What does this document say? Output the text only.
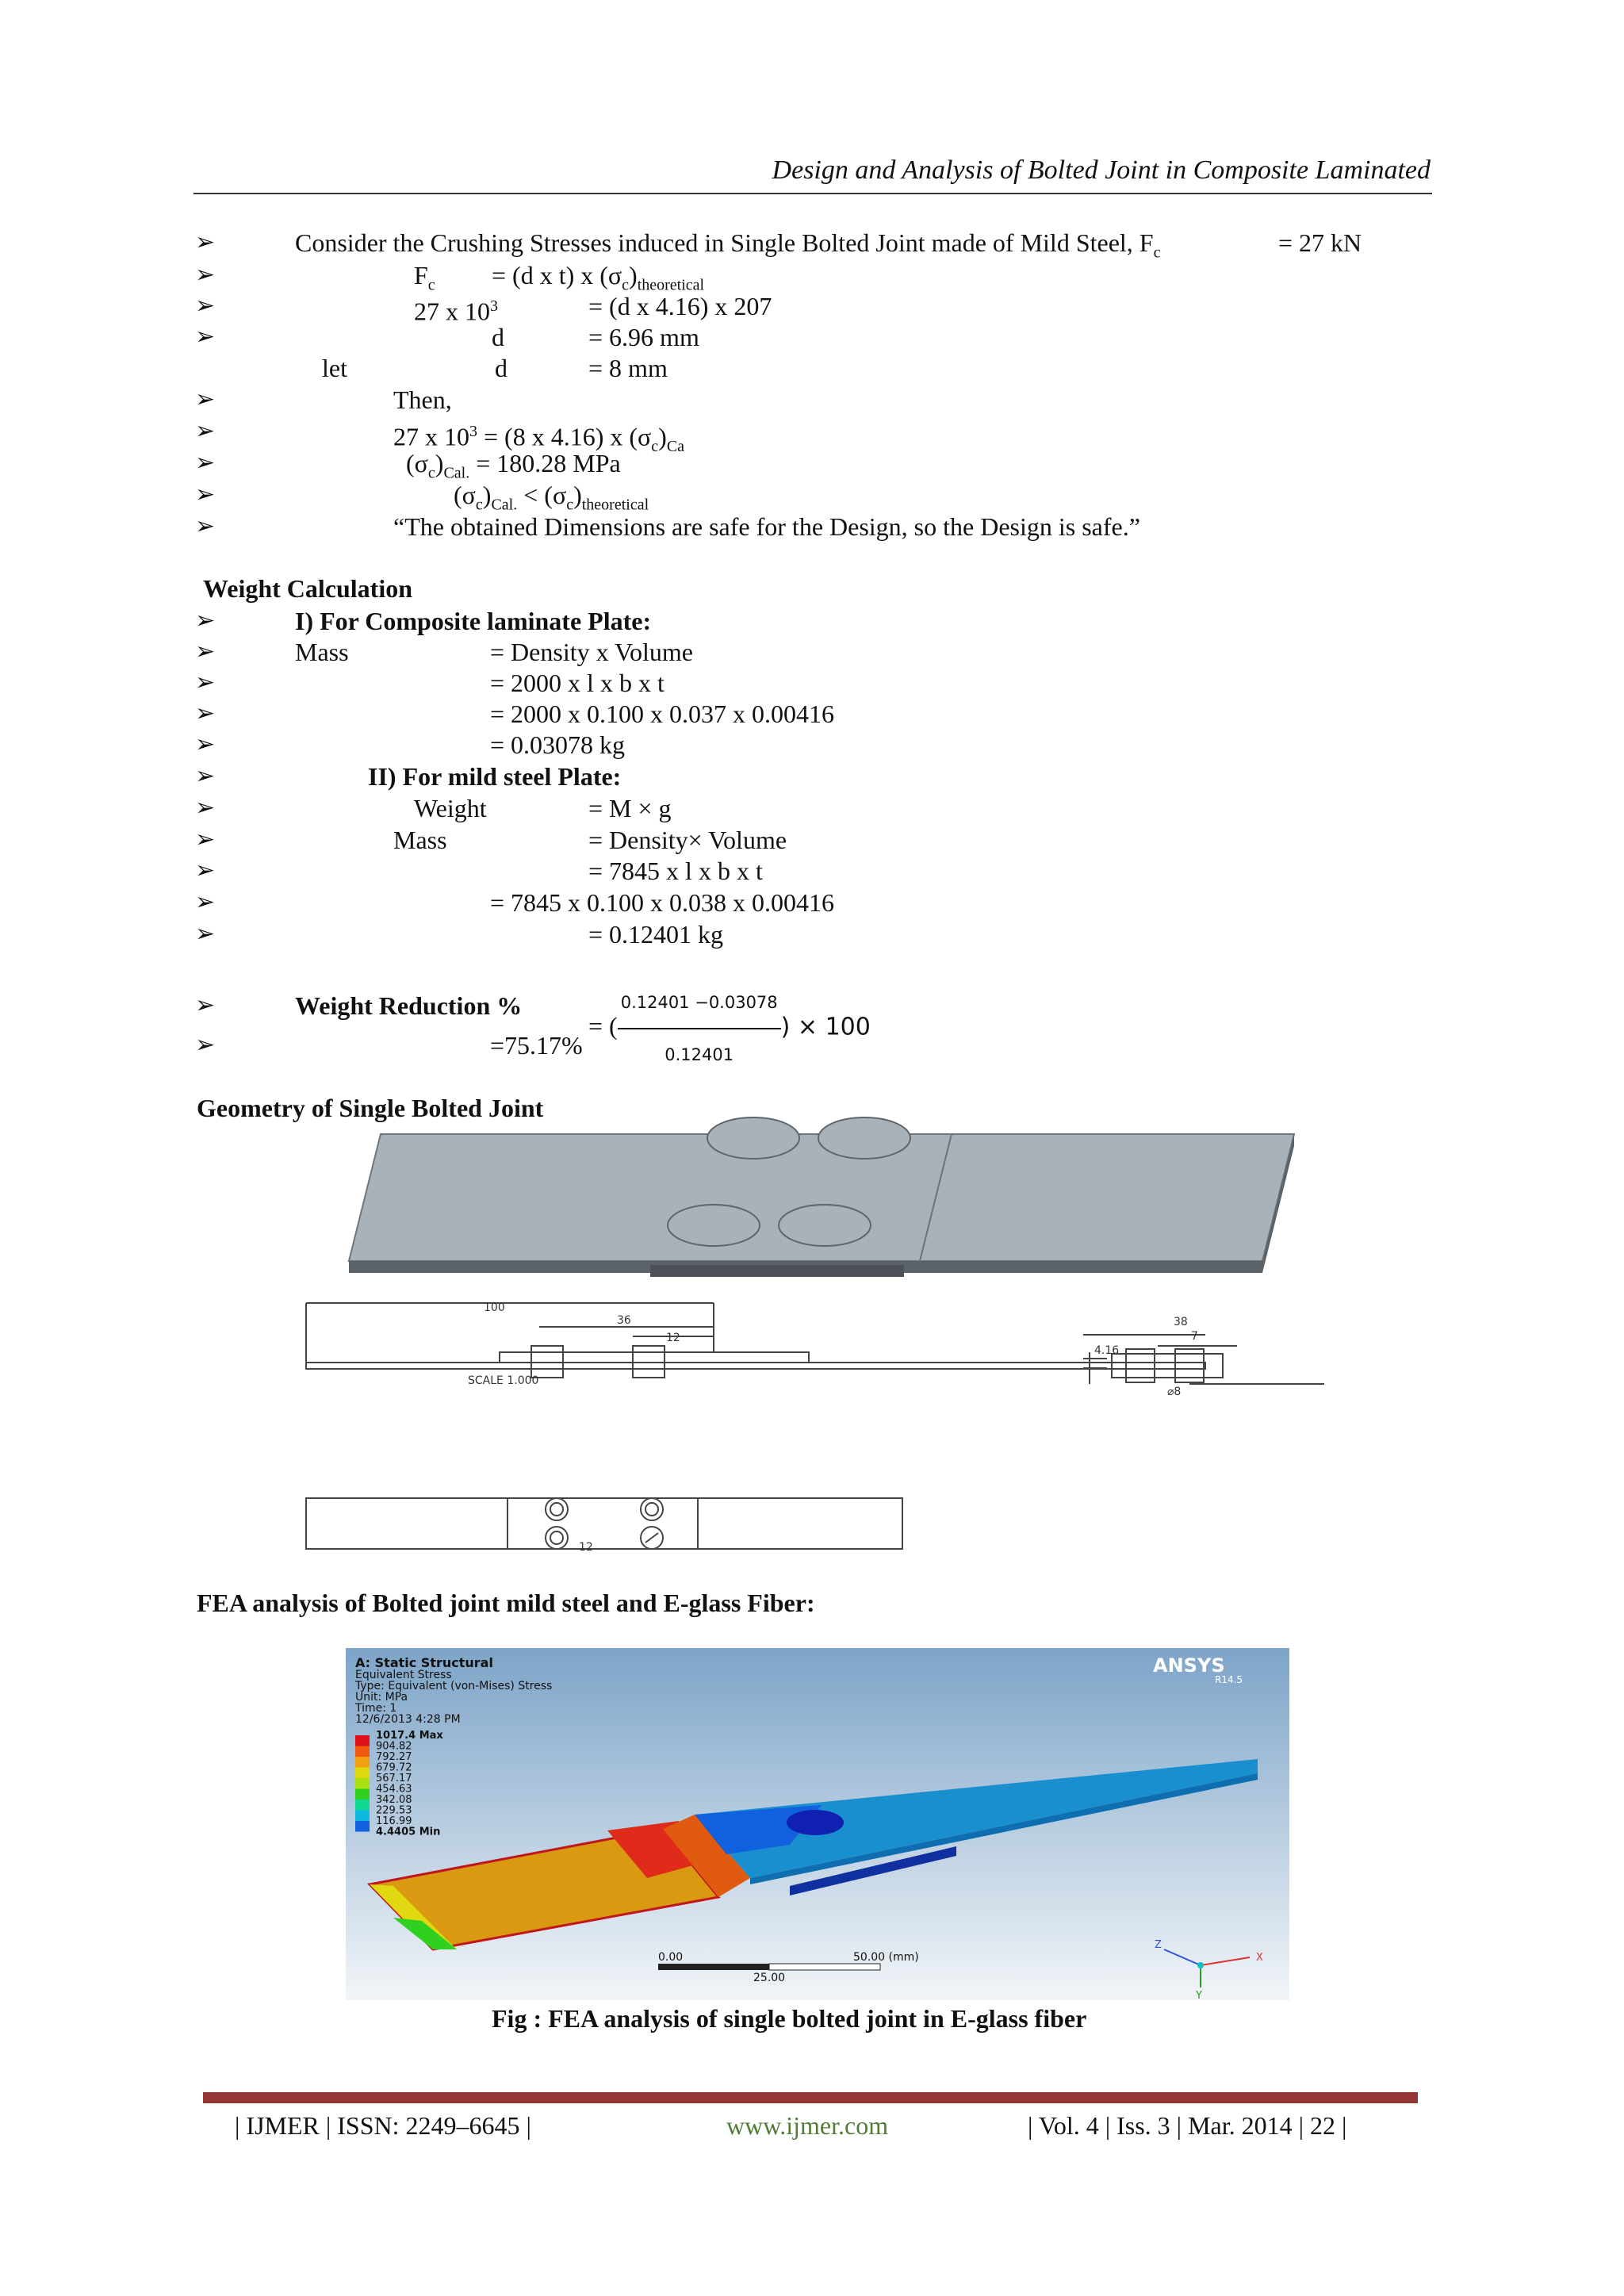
Design and Analysis of Bolted Joint in Composite Laminated
➢	Consider the Crushing Stresses induced in Single Bolted Joint made of Mild Steel, $F_c$	= 27 kN
➢	$F_c = (d$ x t) x $(\sigma_c)_{theoretical}$
➢	27 x $10^3$	= (d x 4.16) x 207
➢	d	= 6.96 mm
let	d	= 8 mm
➢	Then,
➢	27 x $10^3 = (8$ x 4.16) x $(\sigma_c)_{Ca}$
➢	$(\sigma_c)_{Cal.} = 180.28$ MPa
➢	$(\sigma_c)_{Cal.} < (\sigma_c)_{theoretical}$
➢	“The obtained Dimensions are safe for the Design, so the Design is safe.”
Weight Calculation
➢	I) For Composite laminate Plate:
➢	Mass	= Density x Volume
➢	= 2000 x l x b x t
➢	= 2000 x 0.100 x 0.037 x 0.00416
➢	= 0.03078 kg
➢	II) For mild steel Plate:
➢	Weight	= M × g
➢	Mass	= Density× Volume
➢	= 7845 x l x b x t
➢	= 7845 x 0.100 x 0.038 x 0.00416
➢	= 0.12401 kg
➢	Weight Reduction %
= ( $\frac{0.12401 -0.03078}{0.12401}$ ) × 100
➢	=75.17%
Geometry of Single Bolted Joint
100
36
12
SCALE 1.000
38
7
4.16
⌀8
12
FEA analysis of Bolted joint mild steel and E-glass Fiber:
A: Static Structural
Equivalent Stress
Type: Equivalent (von-Mises) Stress
Unit: MPa
Time: 1
12/6/2013 4:28 PM
ANSYS
R14.5
1017.4 Max
904.82
792.27
679.72
567.17
454.63
342.08
229.53
116.99
4.4405 Min
0.00	50.00 (mm)
25.00
X
Z
Y
Fig : FEA analysis of single bolted joint in E-glass fiber
| IJMER | ISSN: 2249–6645 |	www.ijmer.com	| Vol. 4 | Iss. 3 | Mar. 2014 | 22 |
